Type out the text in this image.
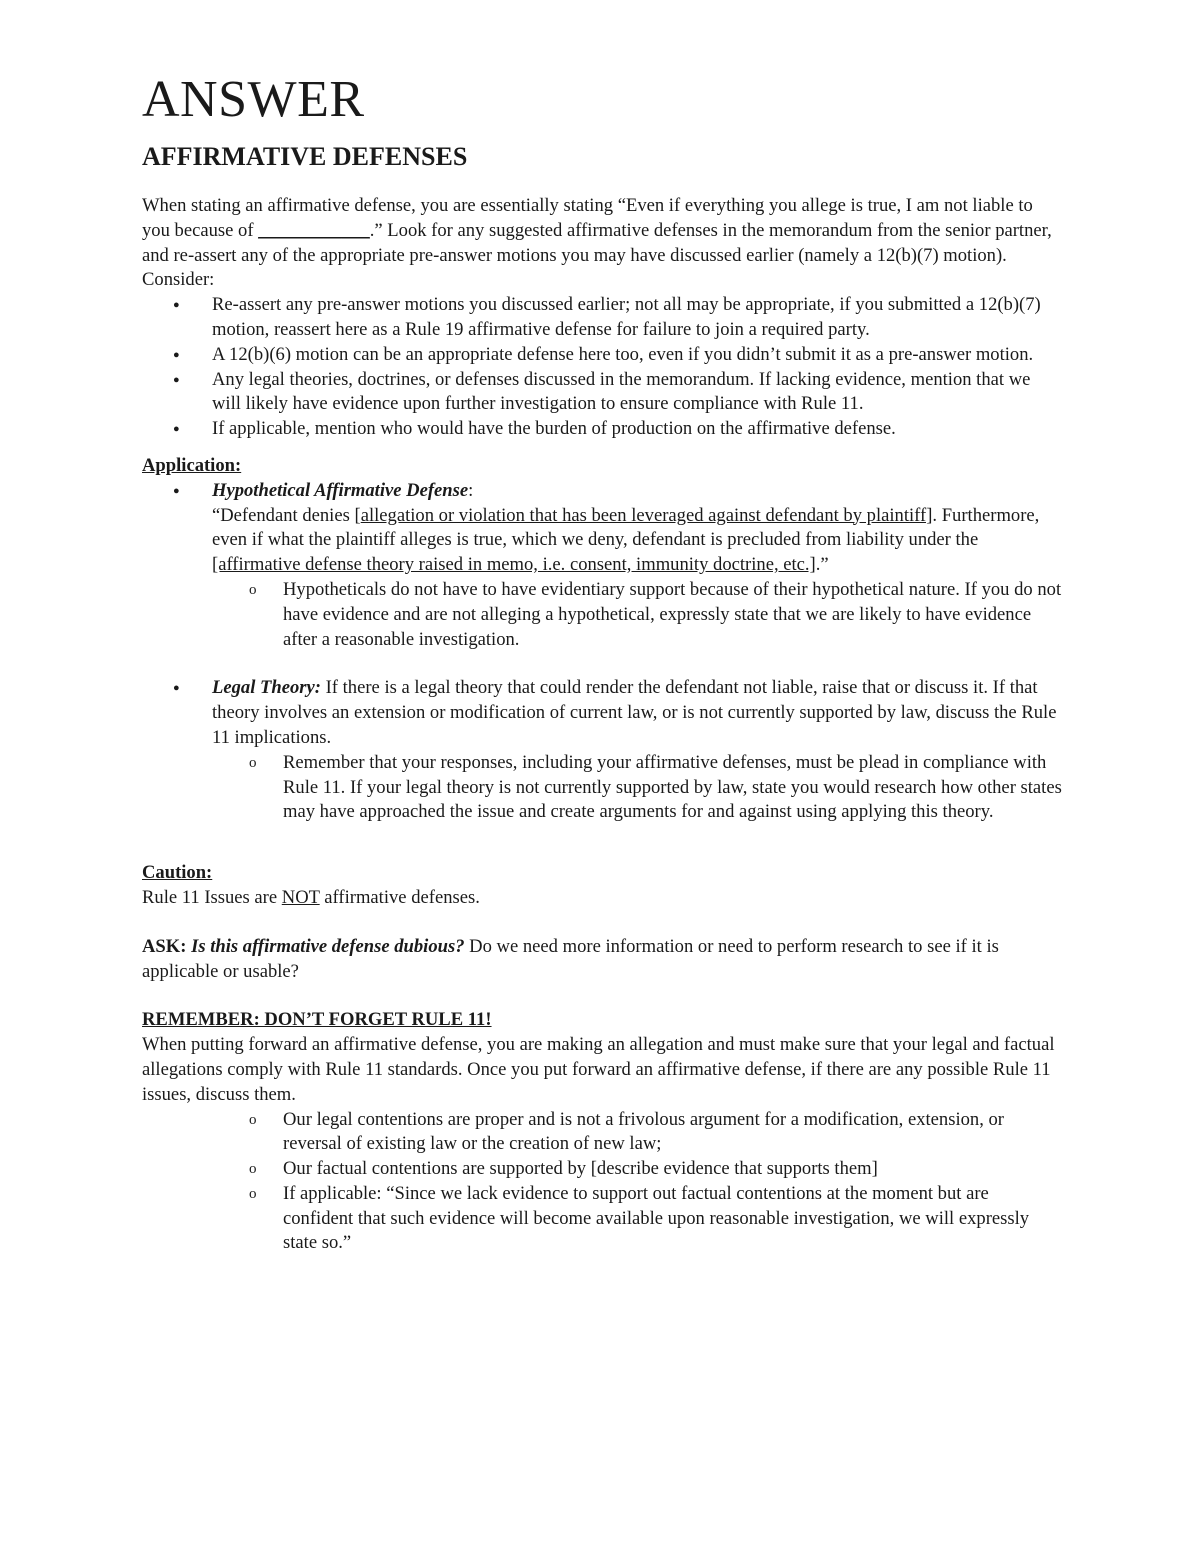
ANSWER
AFFIRMATIVE DEFENSES

When stating an affirmative defense, you are essentially stating “Even if everything you allege is true, I am not liable to you because of ____________.” Look for any suggested affirmative defenses in the memorandum from the senior partner, and re-assert any of the appropriate pre-answer motions you may have discussed earlier (namely a 12(b)(7) motion). Consider:

● Re-assert any pre-answer motions you discussed earlier; not all may be appropriate, if you submitted a 12(b)(7) motion, reassert here as a Rule 19 affirmative defense for failure to join a required party.
● A 12(b)(6) motion can be an appropriate defense here too, even if you didn’t submit it as a pre-answer motion.
● Any legal theories, doctrines, or defenses discussed in the memorandum. If lacking evidence, mention that we will likely have evidence upon further investigation to ensure compliance with Rule 11.
● If applicable, mention who would have the burden of production on the affirmative defense.

Application:

● Hypothetical Affirmative Defense:
“Defendant denies [allegation or violation that has been leveraged against defendant by plaintiff]. Furthermore, even if what the plaintiff alleges is true, which we deny, defendant is precluded from liability under the [affirmative defense theory raised in memo, i.e. consent, immunity doctrine, etc.].”
o Hypotheticals do not have to have evidentiary support because of their hypothetical nature. If you do not have evidence and are not alleging a hypothetical, expressly state that we are likely to have evidence after a reasonable investigation.
● Legal Theory: If there is a legal theory that could render the defendant not liable, raise that or discuss it. If that theory involves an extension or modification of current law, or is not currently supported by law, discuss the Rule 11 implications.
o Remember that your responses, including your affirmative defenses, must be plead in compliance with Rule 11. If your legal theory is not currently supported by law, state you would research how other states may have approached the issue and create arguments for and against using applying this theory.

Caution:

Rule 11 Issues are NOT affirmative defenses.

ASK: Is this affirmative defense dubious? Do we need more information or need to perform research to see if it is applicable or usable?

REMEMBER: DON’T FORGET RULE 11!

When putting forward an affirmative defense, you are making an allegation and must make sure that your legal and factual allegations comply with Rule 11 standards. Once you put forward an affirmative defense, if there are any possible Rule 11 issues, discuss them.

o Our legal contentions are proper and is not a frivolous argument for a modification, extension, or reversal of existing law or the creation of new law;
o Our factual contentions are supported by [describe evidence that supports them]
o If applicable: “Since we lack evidence to support out factual contentions at the moment but are confident that such evidence will become available upon reasonable investigation, we will expressly state so.”
